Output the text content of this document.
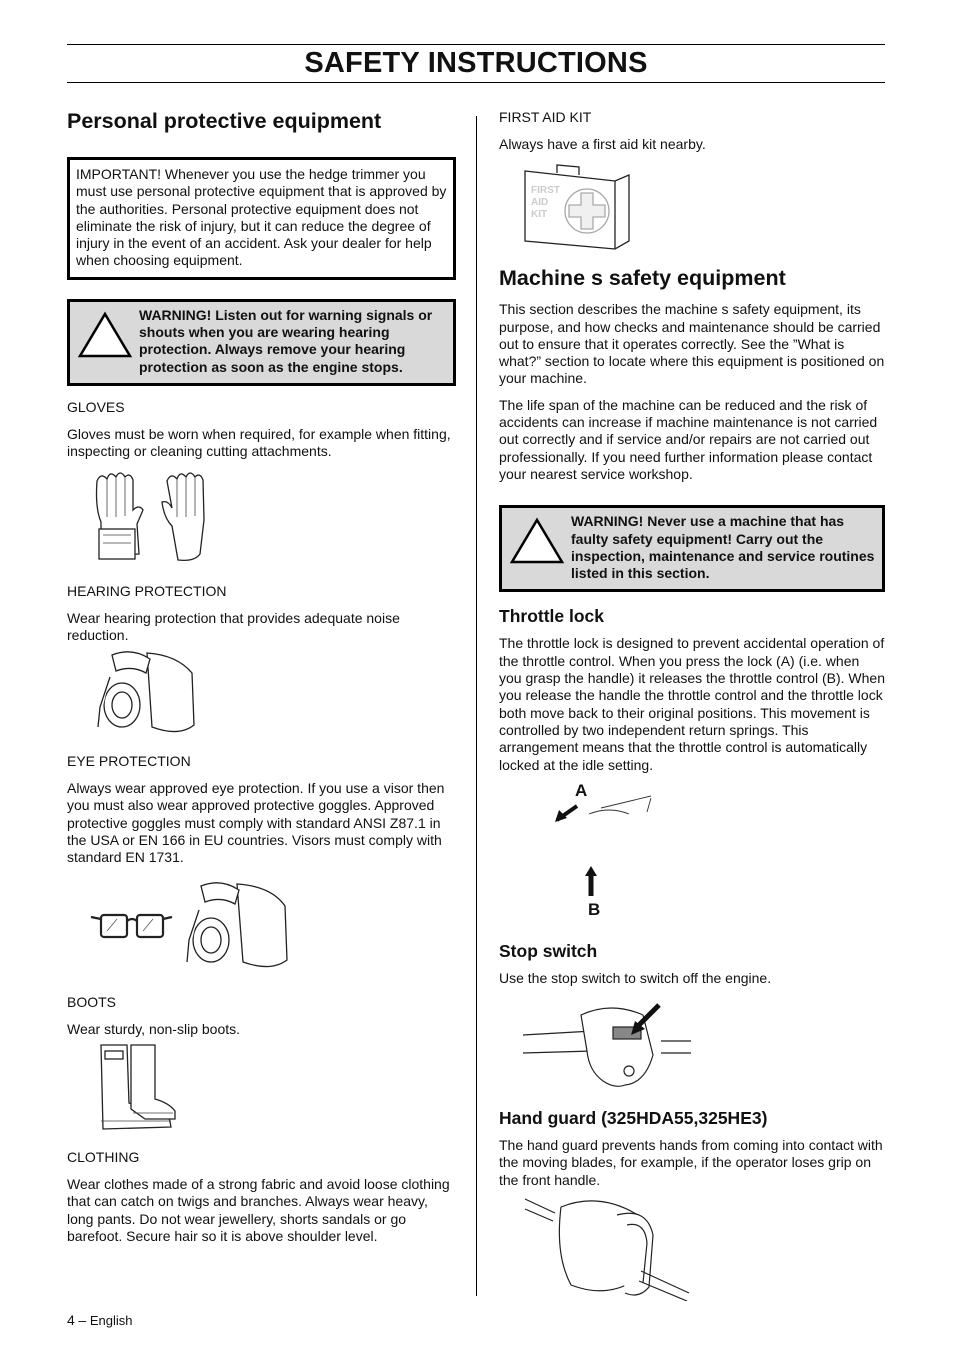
SAFETY INSTRUCTIONS
Personal protective equipment
IMPORTANT! Whenever you use the hedge trimmer you must use personal protective equipment that is approved by the authorities. Personal protective equipment does not eliminate the risk of injury, but it can reduce the degree of injury in the event of an accident. Ask your dealer for help when choosing equipment.
WARNING! Listen out for warning signals or shouts when you are wearing hearing protection. Always remove your hearing protection as soon as the engine stops.

GLOVES

Gloves must be worn when required, for example when fitting, inspecting or cleaning cutting attachments.

HEARING PROTECTION

Wear hearing protection that provides adequate noise reduction.

EYE PROTECTION

Always wear approved eye protection. If you use a visor then you must also wear approved protective goggles. Approved protective goggles must comply with standard ANSI Z87.1 in the USA or EN 166 in EU countries. Visors must comply with standard EN 1731.

BOOTS

Wear sturdy, non-slip boots.

CLOTHING

Wear clothes made of a strong fabric and avoid loose clothing that can catch on twigs and branches. Always wear heavy, long pants. Do not wear jewellery, shorts sandals or go barefoot. Secure hair so it is above shoulder level.

FIRST AID KIT

Always have a first aid kit nearby.

FIRST
AID
KIT
Machine s safety equipment

This section describes the machine s safety equipment, its purpose, and how checks and maintenance should be carried out to ensure that it operates correctly. See the ”What is what?” section to locate where this equipment is positioned on your machine.

The life span of the machine can be reduced and the risk of accidents can increase if machine maintenance is not carried out correctly and if service and/or repairs are not carried out professionally. If you need further information please contact your nearest service workshop.

WARNING! Never use a machine that has faulty safety equipment! Carry out the inspection, maintenance and service routines listed in this section.
Throttle lock

The throttle lock is designed to prevent accidental operation of the throttle control. When you press the lock (A) (i.e. when you grasp the handle) it releases the throttle control (B). When you release the handle the throttle control and the throttle lock both move back to their original positions. This movement is controlled by two independent return springs. This arrangement means that the throttle control is automatically locked at the idle setting.

A
B
Stop switch

Use the stop switch to switch off the engine.

Hand guard (325HDA55,325HE3)

The hand guard prevents hands from coming into contact with the moving blades, for example, if the operator loses grip on the front handle.

4 – English
